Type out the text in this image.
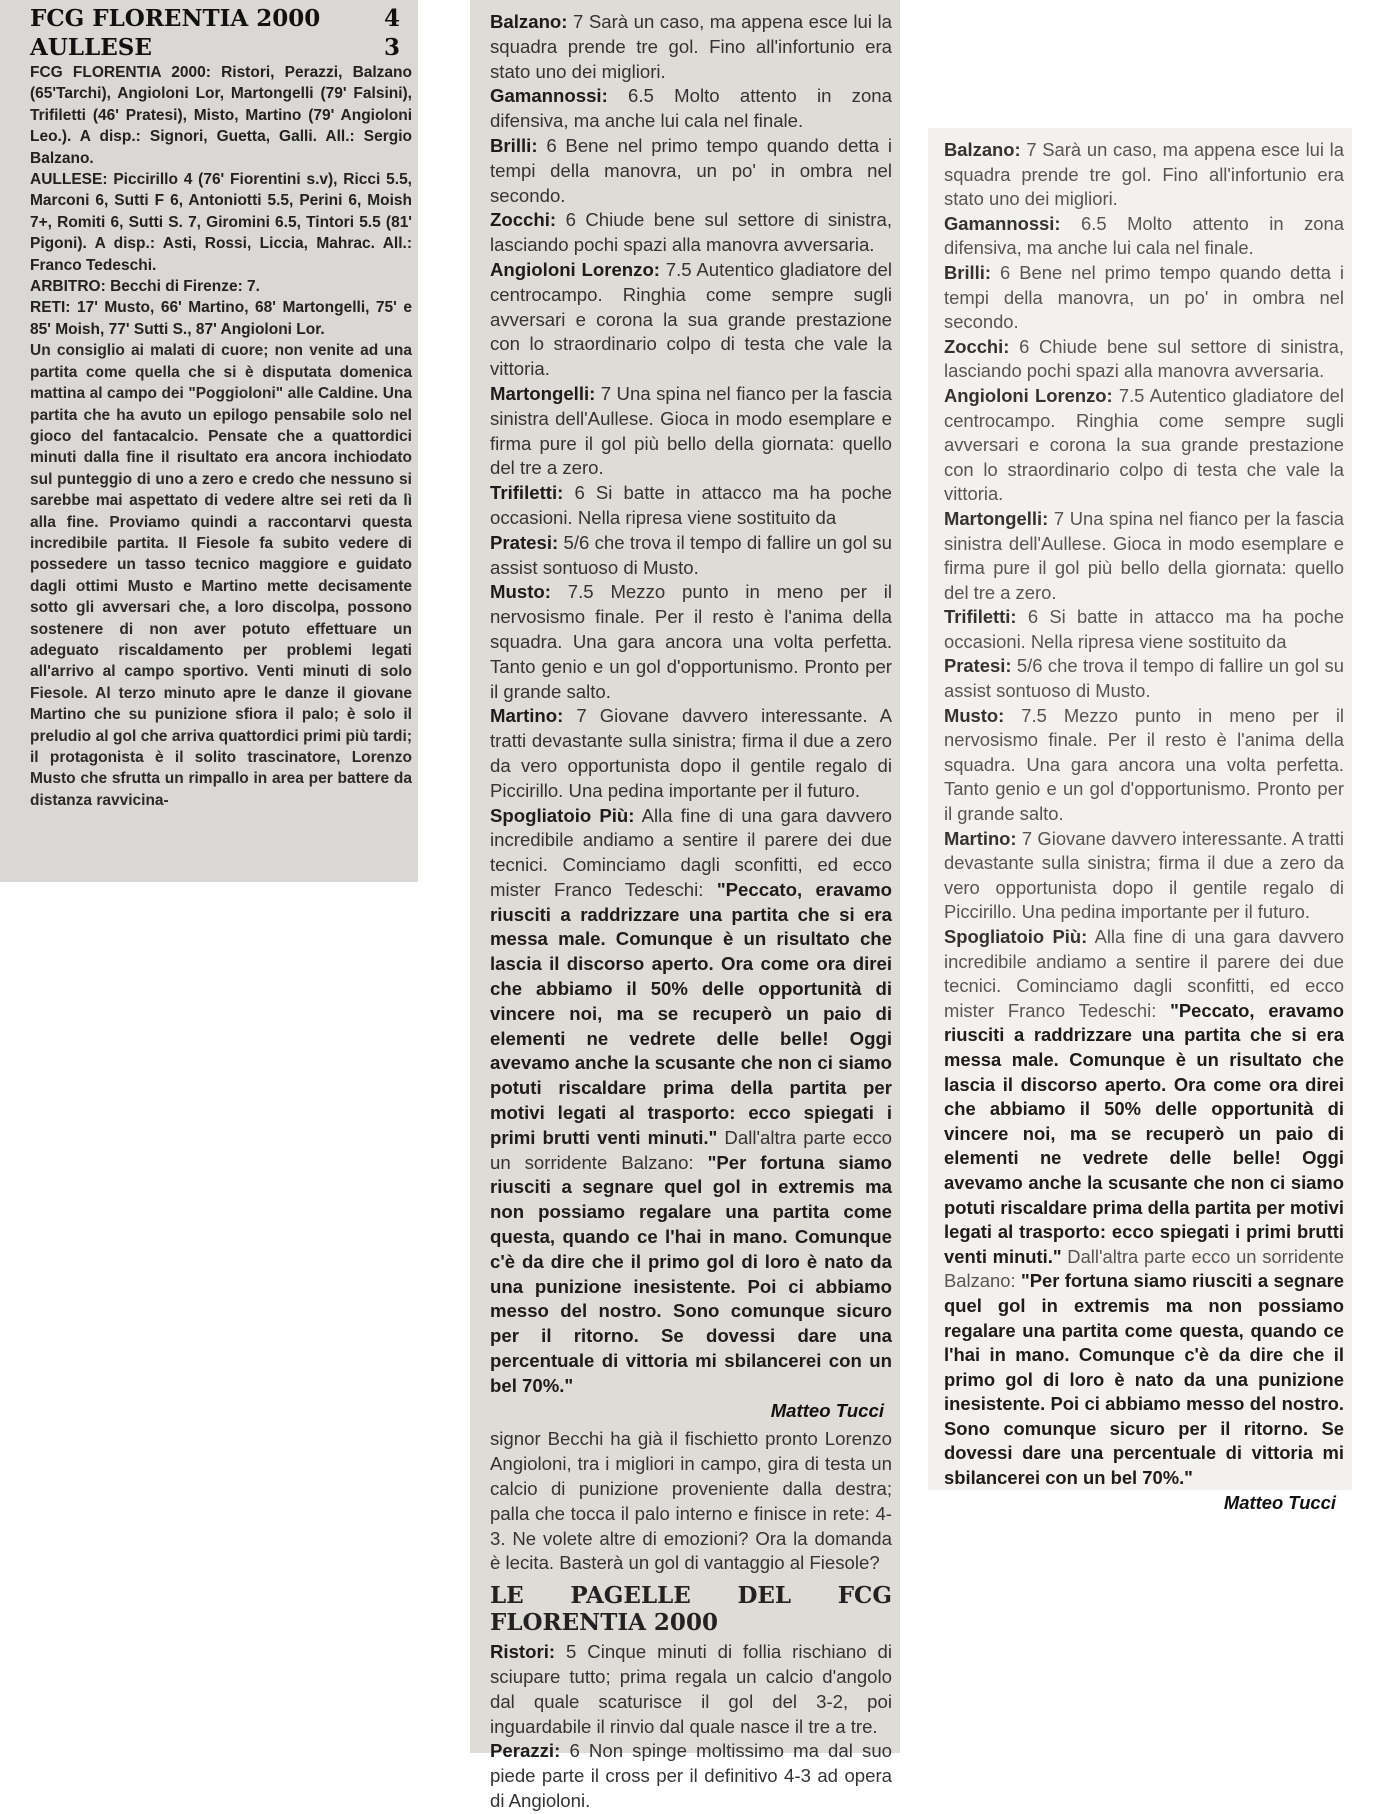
FCG FLORENTIA 2000	4
AULLESE	3

FCG FLORENTIA 2000: Ristori, Perazzi, Balzano (65'Tarchi), Angioloni Lor, Martongelli (79' Falsini), Trifiletti (46' Pratesi), Misto, Martino (79' Angioloni Leo.). A disp.: Signori, Guetta, Galli. All.: Sergio Balzano.

AULLESE: Piccirillo 4 (76' Fiorentini s.v), Ricci 5.5, Marconi 6, Sutti F 6, Antoniotti 5.5, Perini 6, Moish 7+, Romiti 6, Sutti S. 7, Giromini 6.5, Tintori 5.5 (81' Pigoni). A disp.: Asti, Rossi, Liccia, Mahrac. All.: Franco Tedeschi.

ARBITRO: Becchi di Firenze: 7.

RETI: 17' Musto, 66' Martino, 68' Martongelli, 75' e 85' Moish, 77' Sutti S., 87' Angioloni Lor.

Un consiglio ai malati di cuore; non venite ad una partita come quella che si è disputata domenica mattina al campo dei "Poggioloni" alle Caldine. Una partita che ha avuto un epilogo pensabile solo nel gioco del fantacalcio. Pensate che a quattordici minuti dalla fine il risultato era ancora inchiodato sul punteggio di uno a zero e credo che nessuno si sarebbe mai aspettato di vedere altre sei reti da lì alla fine. Proviamo quindi a raccontarvi questa incredibile partita. Il Fiesole fa subito vedere di possedere un tasso tecnico maggiore e guidato dagli ottimi Musto e Martino mette decisamente sotto gli avversari che, a loro discolpa, possono sostenere di non aver potuto effettuare un adeguato riscaldamento per problemi legati all'arrivo al campo sportivo. Venti minuti di solo Fiesole. Al terzo minuto apre le danze il giovane Martino che su punizione sfiora il palo; è solo il preludio al gol che arriva quattordici primi più tardi; il protagonista è il solito trascinatore, Lorenzo Musto che sfrutta un rimpallo in area per battere da distanza ravvicina-

Balzano: 7 Sarà un caso, ma appena esce lui la squadra prende tre gol. Fino all'infortunio era stato uno dei migliori.

Gamannossi: 6.5 Molto attento in zona difensiva, ma anche lui cala nel finale.

Brilli: 6 Bene nel primo tempo quando detta i tempi della manovra, un po' in ombra nel secondo.

Zocchi: 6 Chiude bene sul settore di sinistra, lasciando pochi spazi alla manovra avversaria.

Angioloni Lorenzo: 7.5 Autentico gladiatore del centrocampo. Ringhia come sempre sugli avversari e corona la sua grande prestazione con lo straordinario colpo di testa che vale la vittoria.

Martongelli: 7 Una spina nel fianco per la fascia sinistra dell'Aullese. Gioca in modo esemplare e firma pure il gol più bello della giornata: quello del tre a zero.

Trifiletti: 6 Si batte in attacco ma ha poche occasioni. Nella ripresa viene sostituito da

Pratesi: 5/6 che trova il tempo di fallire un gol su assist sontuoso di Musto.

Musto: 7.5 Mezzo punto in meno per il nervosismo finale. Per il resto è l'anima della squadra. Una gara ancora una volta perfetta. Tanto genio e un gol d'opportunismo. Pronto per il grande salto.

Martino: 7 Giovane davvero interessante. A tratti devastante sulla sinistra; firma il due a zero da vero opportunista dopo il gentile regalo di Piccirillo. Una pedina importante per il futuro.

Spogliatoio Più: Alla fine di una gara davvero incredibile andiamo a sentire il parere dei due tecnici. Cominciamo dagli sconfitti, ed ecco mister Franco Tedeschi: "Peccato, eravamo riusciti a raddrizzare una partita che si era messa male. Comunque è un risultato che lascia il discorso aperto. Ora come ora direi che abbiamo il 50% delle opportunità di vincere noi, ma se recuperò un paio di elementi ne vedrete delle belle! Oggi avevamo anche la scusante che non ci siamo potuti riscaldare prima della partita per motivi legati al trasporto: ecco spiegati i primi brutti venti minuti." Dall'altra parte ecco un sorridente Balzano: "Per fortuna siamo riusciti a segnare quel gol in extremis ma non possiamo regalare una partita come questa, quando ce l'hai in mano. Comunque c'è da dire che il primo gol di loro è nato da una punizione inesistente. Poi ci abbiamo messo del nostro. Sono comunque sicuro per il ritorno. Se dovessi dare una percentuale di vittoria mi sbilancerei con un bel 70%."

Matteo Tucci

signor Becchi ha già il fischietto pronto Lorenzo Angioloni, tra i migliori in campo, gira di testa un calcio di punizione proveniente dalla destra; palla che tocca il palo interno e finisce in rete: 4-3. Ne volete altre di emozioni? Ora la domanda è lecita. Basterà un gol di vantaggio al Fiesole?

LE PAGELLE DEL FCG FLORENTIA 2000

Ristori: 5 Cinque minuti di follia rischiano di sciupare tutto; prima regala un calcio d'angolo dal quale scaturisce il gol del 3-2, poi inguardabile il rinvio dal quale nasce il tre a tre.

Perazzi: 6 Non spinge moltissimo ma dal suo piede parte il cross per il definitivo 4-3 ad opera di Angioloni.

Balzano: 7 Sarà un caso, ma appena esce lui la squadra prende tre gol. Fino all'infortunio era stato uno dei migliori.

Gamannossi: 6.5 Molto attento in zona difensiva, ma anche lui cala nel finale.

Brilli: 6 Bene nel primo tempo quando detta i tempi della manovra, un po' in ombra nel secondo.

Zocchi: 6 Chiude bene sul settore di sinistra, lasciando pochi spazi alla manovra avversaria.

Angioloni Lorenzo: 7.5 Autentico gladiatore del centrocampo. Ringhia come sempre sugli avversari e corona la sua grande prestazione con lo straordinario colpo di testa che vale la vittoria.

Martongelli: 7 Una spina nel fianco per la fascia sinistra dell'Aullese. Gioca in modo esemplare e firma pure il gol più bello della giornata: quello del tre a zero.

Trifiletti: 6 Si batte in attacco ma ha poche occasioni. Nella ripresa viene sostituito da

Pratesi: 5/6 che trova il tempo di fallire un gol su assist sontuoso di Musto.

Musto: 7.5 Mezzo punto in meno per il nervosismo finale. Per il resto è l'anima della squadra. Una gara ancora una volta perfetta. Tanto genio e un gol d'opportunismo. Pronto per il grande salto.

Martino: 7 Giovane davvero interessante. A tratti devastante sulla sinistra; firma il due a zero da vero opportunista dopo il gentile regalo di Piccirillo. Una pedina importante per il futuro.

Spogliatoio Più: Alla fine di una gara davvero incredibile andiamo a sentire il parere dei due tecnici. Cominciamo dagli sconfitti, ed ecco mister Franco Tedeschi: "Peccato, eravamo riusciti a raddrizzare una partita che si era messa male. Comunque è un risultato che lascia il discorso aperto. Ora come ora direi che abbiamo il 50% delle opportunità di vincere noi, ma se recuperò un paio di elementi ne vedrete delle belle! Oggi avevamo anche la scusante che non ci siamo potuti riscaldare prima della partita per motivi legati al trasporto: ecco spiegati i primi brutti venti minuti." Dall'altra parte ecco un sorridente Balzano: "Per fortuna siamo riusciti a segnare quel gol in extremis ma non possiamo regalare una partita come questa, quando ce l'hai in mano. Comunque c'è da dire che il primo gol di loro è nato da una punizione inesistente. Poi ci abbiamo messo del nostro. Sono comunque sicuro per il ritorno. Se dovessi dare una percentuale di vittoria mi sbilancerei con un bel 70%."

Matteo Tucci
